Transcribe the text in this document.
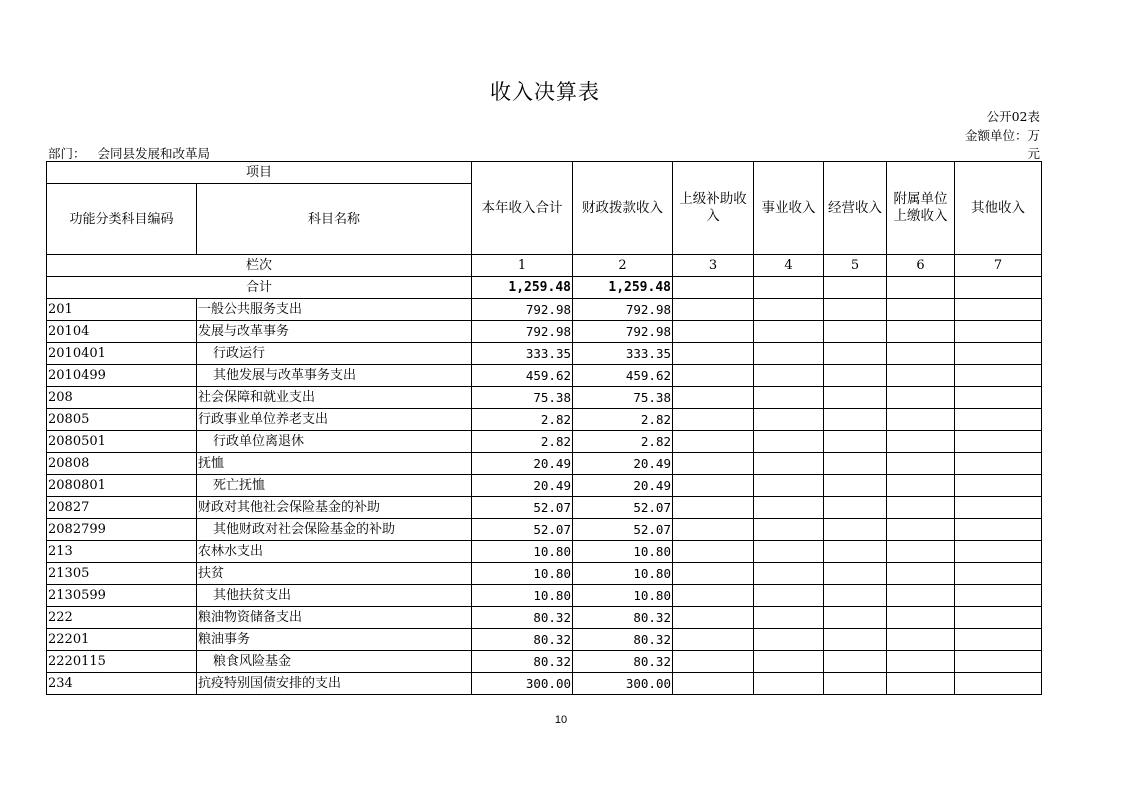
收入决算表
公开02表
金额单位：万
元
部门： 会同县发展和改革局
项目		本年收入合计	财政拨款收入	上级补助收入	事业收入	经营收入	附属单位上缴收入	其他收入
功能分类科目编码	科目名称							
栏次		1	2	3	4	5	6	7
合计		1,259.48	1,259.48					
201	一般公共服务支出	792.98	792.98					
20104	发展与改革事务	792.98	792.98					
2010401	行政运行	333.35	333.35					
2010499	其他发展与改革事务支出	459.62	459.62					
208	社会保障和就业支出	75.38	75.38					
20805	行政事业单位养老支出	2.82	2.82					
2080501	行政单位离退休	2.82	2.82					
20808	抚恤	20.49	20.49					
2080801	死亡抚恤	20.49	20.49					
20827	财政对其他社会保险基金的补助	52.07	52.07					
2082799	其他财政对社会保险基金的补助	52.07	52.07					
213	农林水支出	10.80	10.80					
21305	扶贫	10.80	10.80					
2130599	其他扶贫支出	10.80	10.80					
222	粮油物资储备支出	80.32	80.32					
22201	粮油事务	80.32	80.32					
2220115	粮食风险基金	80.32	80.32					
234	抗疫特别国债安排的支出	300.00	300.00					
10
